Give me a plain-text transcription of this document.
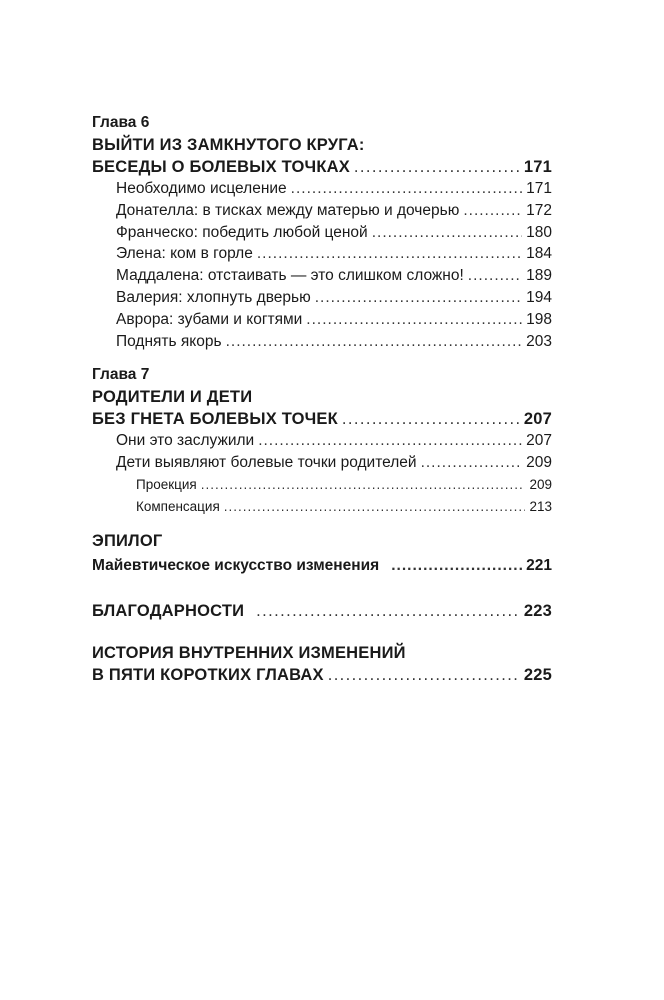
Глава 6
ВЫЙТИ ИЗ ЗАМКНУТОГО КРУГА:
БЕСЕДЫ О БОЛЕВЫХ ТОЧКАХ .....	171
Необходимо исцеление .....	171
Донателла: в тисках между матерью и дочерью .....	172
Франческо: победить любой ценой .....	180
Элена: ком в горле .....	184
Маддалена: отстаивать — это слишком сложно! .....	189
Валерия: хлопнуть дверью .....	194
Аврора: зубами и когтями .....	198
Поднять якорь .....	203
Глава 7
РОДИТЕЛИ И ДЕТИ
БЕЗ ГНЕТА БОЛЕВЫХ ТОЧЕК .....	207
Они это заслужили .....	207
Дети выявляют болевые точки родителей .....	209
Проекция .....	209
Компенсация .....	213
ЭПИЛОГ
Майевтическое искусство изменения .....	221
БЛАГОДАРНОСТИ .....	223
ИСТОРИЯ ВНУТРЕННИХ ИЗМЕНЕНИЙ
В ПЯТИ КОРОТКИХ ГЛАВАХ .....	225
